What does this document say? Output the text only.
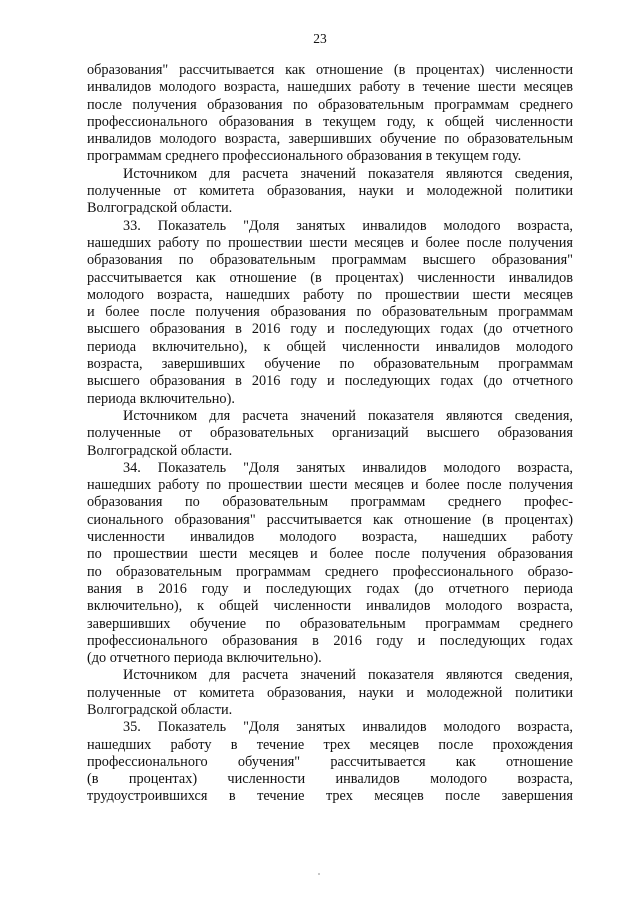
23
образования" рассчитывается как отношение (в процентах) численности
инвалидов молодого возраста, нашедших работу в течение шести месяцев
после получения образования по образовательным программам среднего
профессионального образования в текущем году, к общей численности
инвалидов молодого возраста, завершивших обучение по образовательным
программам среднего профессионального образования в текущем году.
Источником для расчета значений показателя являются сведения,
полученные от комитета образования, науки и молодежной политики
Волгоградской области.
33. Показатель "Доля занятых инвалидов молодого возраста,
нашедших работу по прошествии шести месяцев и более после получения
образования по образовательным программам высшего образования"
рассчитывается как отношение (в процентах) численности инвалидов
молодого возраста, нашедших работу по прошествии шести месяцев
и более после получения образования по образовательным программам
высшего образования в 2016 году и последующих годах (до отчетного
периода включительно), к общей численности инвалидов молодого
возраста, завершивших обучение по образовательным программам
высшего образования в 2016 году и последующих годах (до отчетного
периода включительно).
Источником для расчета значений показателя являются сведения,
полученные от образовательных организаций высшего образования
Волгоградской области.
34. Показатель "Доля занятых инвалидов молодого возраста,
нашедших работу по прошествии шести месяцев и более после получения
образования по образовательным программам среднего профес-
сионального образования" рассчитывается как отношение (в процентах)
численности инвалидов молодого возраста, нашедших работу
по прошествии шести месяцев и более после получения образования
по образовательным программам среднего профессионального образо-
вания в 2016 году и последующих годах (до отчетного периода
включительно), к общей численности инвалидов молодого возраста,
завершивших обучение по образовательным программам среднего
профессионального образования в 2016 году и последующих годах
(до отчетного периода включительно).
Источником для расчета значений показателя являются сведения,
полученные от комитета образования, науки и молодежной политики
Волгоградской области.
35. Показатель "Доля занятых инвалидов молодого возраста,
нашедших работу в течение трех месяцев после прохождения
профессионального обучения" рассчитывается как отношение
(в процентах) численности инвалидов молодого возраста,
трудоустроившихся в течение трех месяцев после завершения
